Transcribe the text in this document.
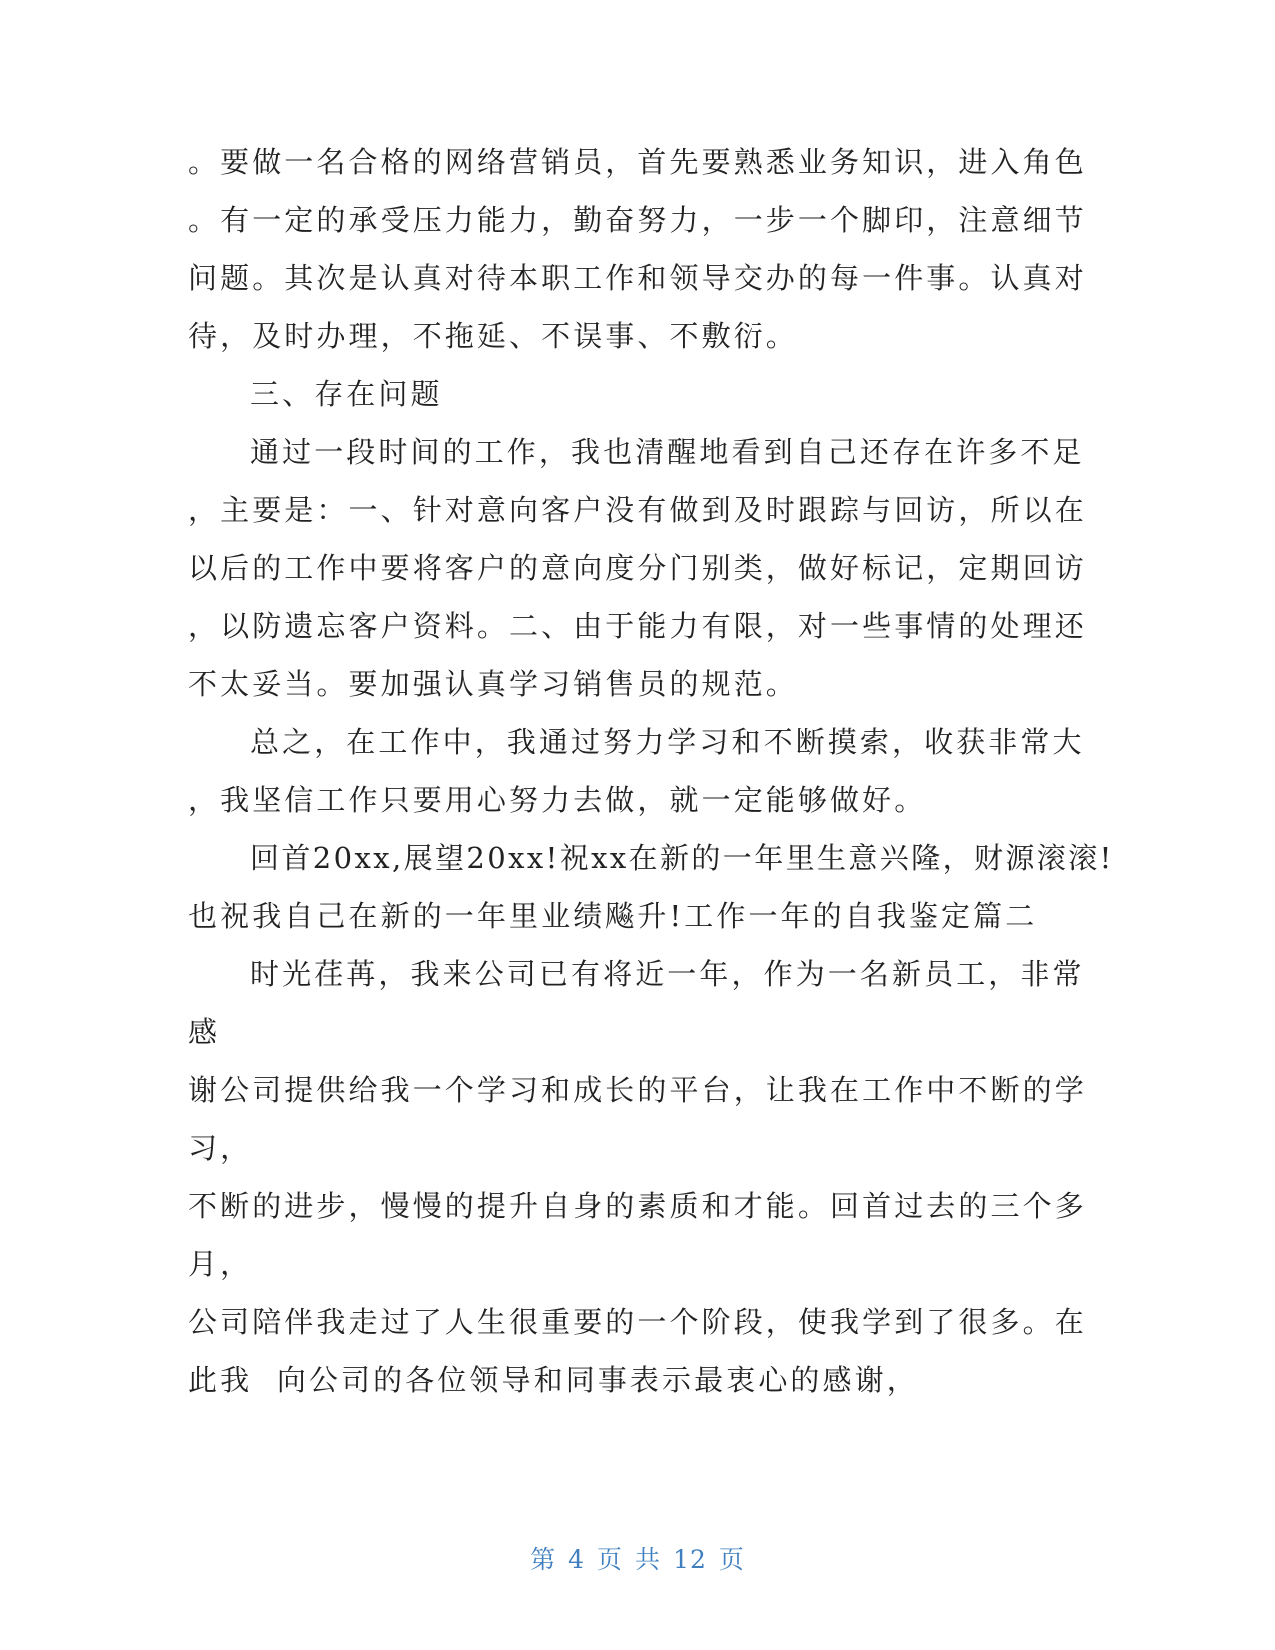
。要做一名合格的网络营销员，首先要熟悉业务知识，进入角色
。有一定的承受压力能力，勤奋努力，一步一个脚印，注意细节
问题。其次是认真对待本职工作和领导交办的每一件事。认真对
待，及时办理，不拖延、不误事、不敷衍。
三、存在问题
通过一段时间的工作，我也清醒地看到自己还存在许多不足
，主要是：一、针对意向客户没有做到及时跟踪与回访，所以在
以后的工作中要将客户的意向度分门别类，做好标记，定期回访
，以防遗忘客户资料。二、由于能力有限，对一些事情的处理还
不太妥当。要加强认真学习销售员的规范。
总之，在工作中，我通过努力学习和不断摸索，收获非常大
，我坚信工作只要用心努力去做，就一定能够做好。
回首20xx,展望20xx!祝xx在新的一年里生意兴隆，财源滚滚!
也祝我自己在新的一年里业绩飚升!工作一年的自我鉴定篇二
时光荏苒，我来公司已有将近一年，作为一名新员工，非常
感
谢公司提供给我一个学习和成长的平台，让我在工作中不断的学
习，
不断的进步，慢慢的提升自身的素质和才能。回首过去的三个多
月，
公司陪伴我走过了人生很重要的一个阶段，使我学到了很多。在
此我  向公司的各位领导和同事表示最衷心的感谢，
第 4 页 共 12 页
